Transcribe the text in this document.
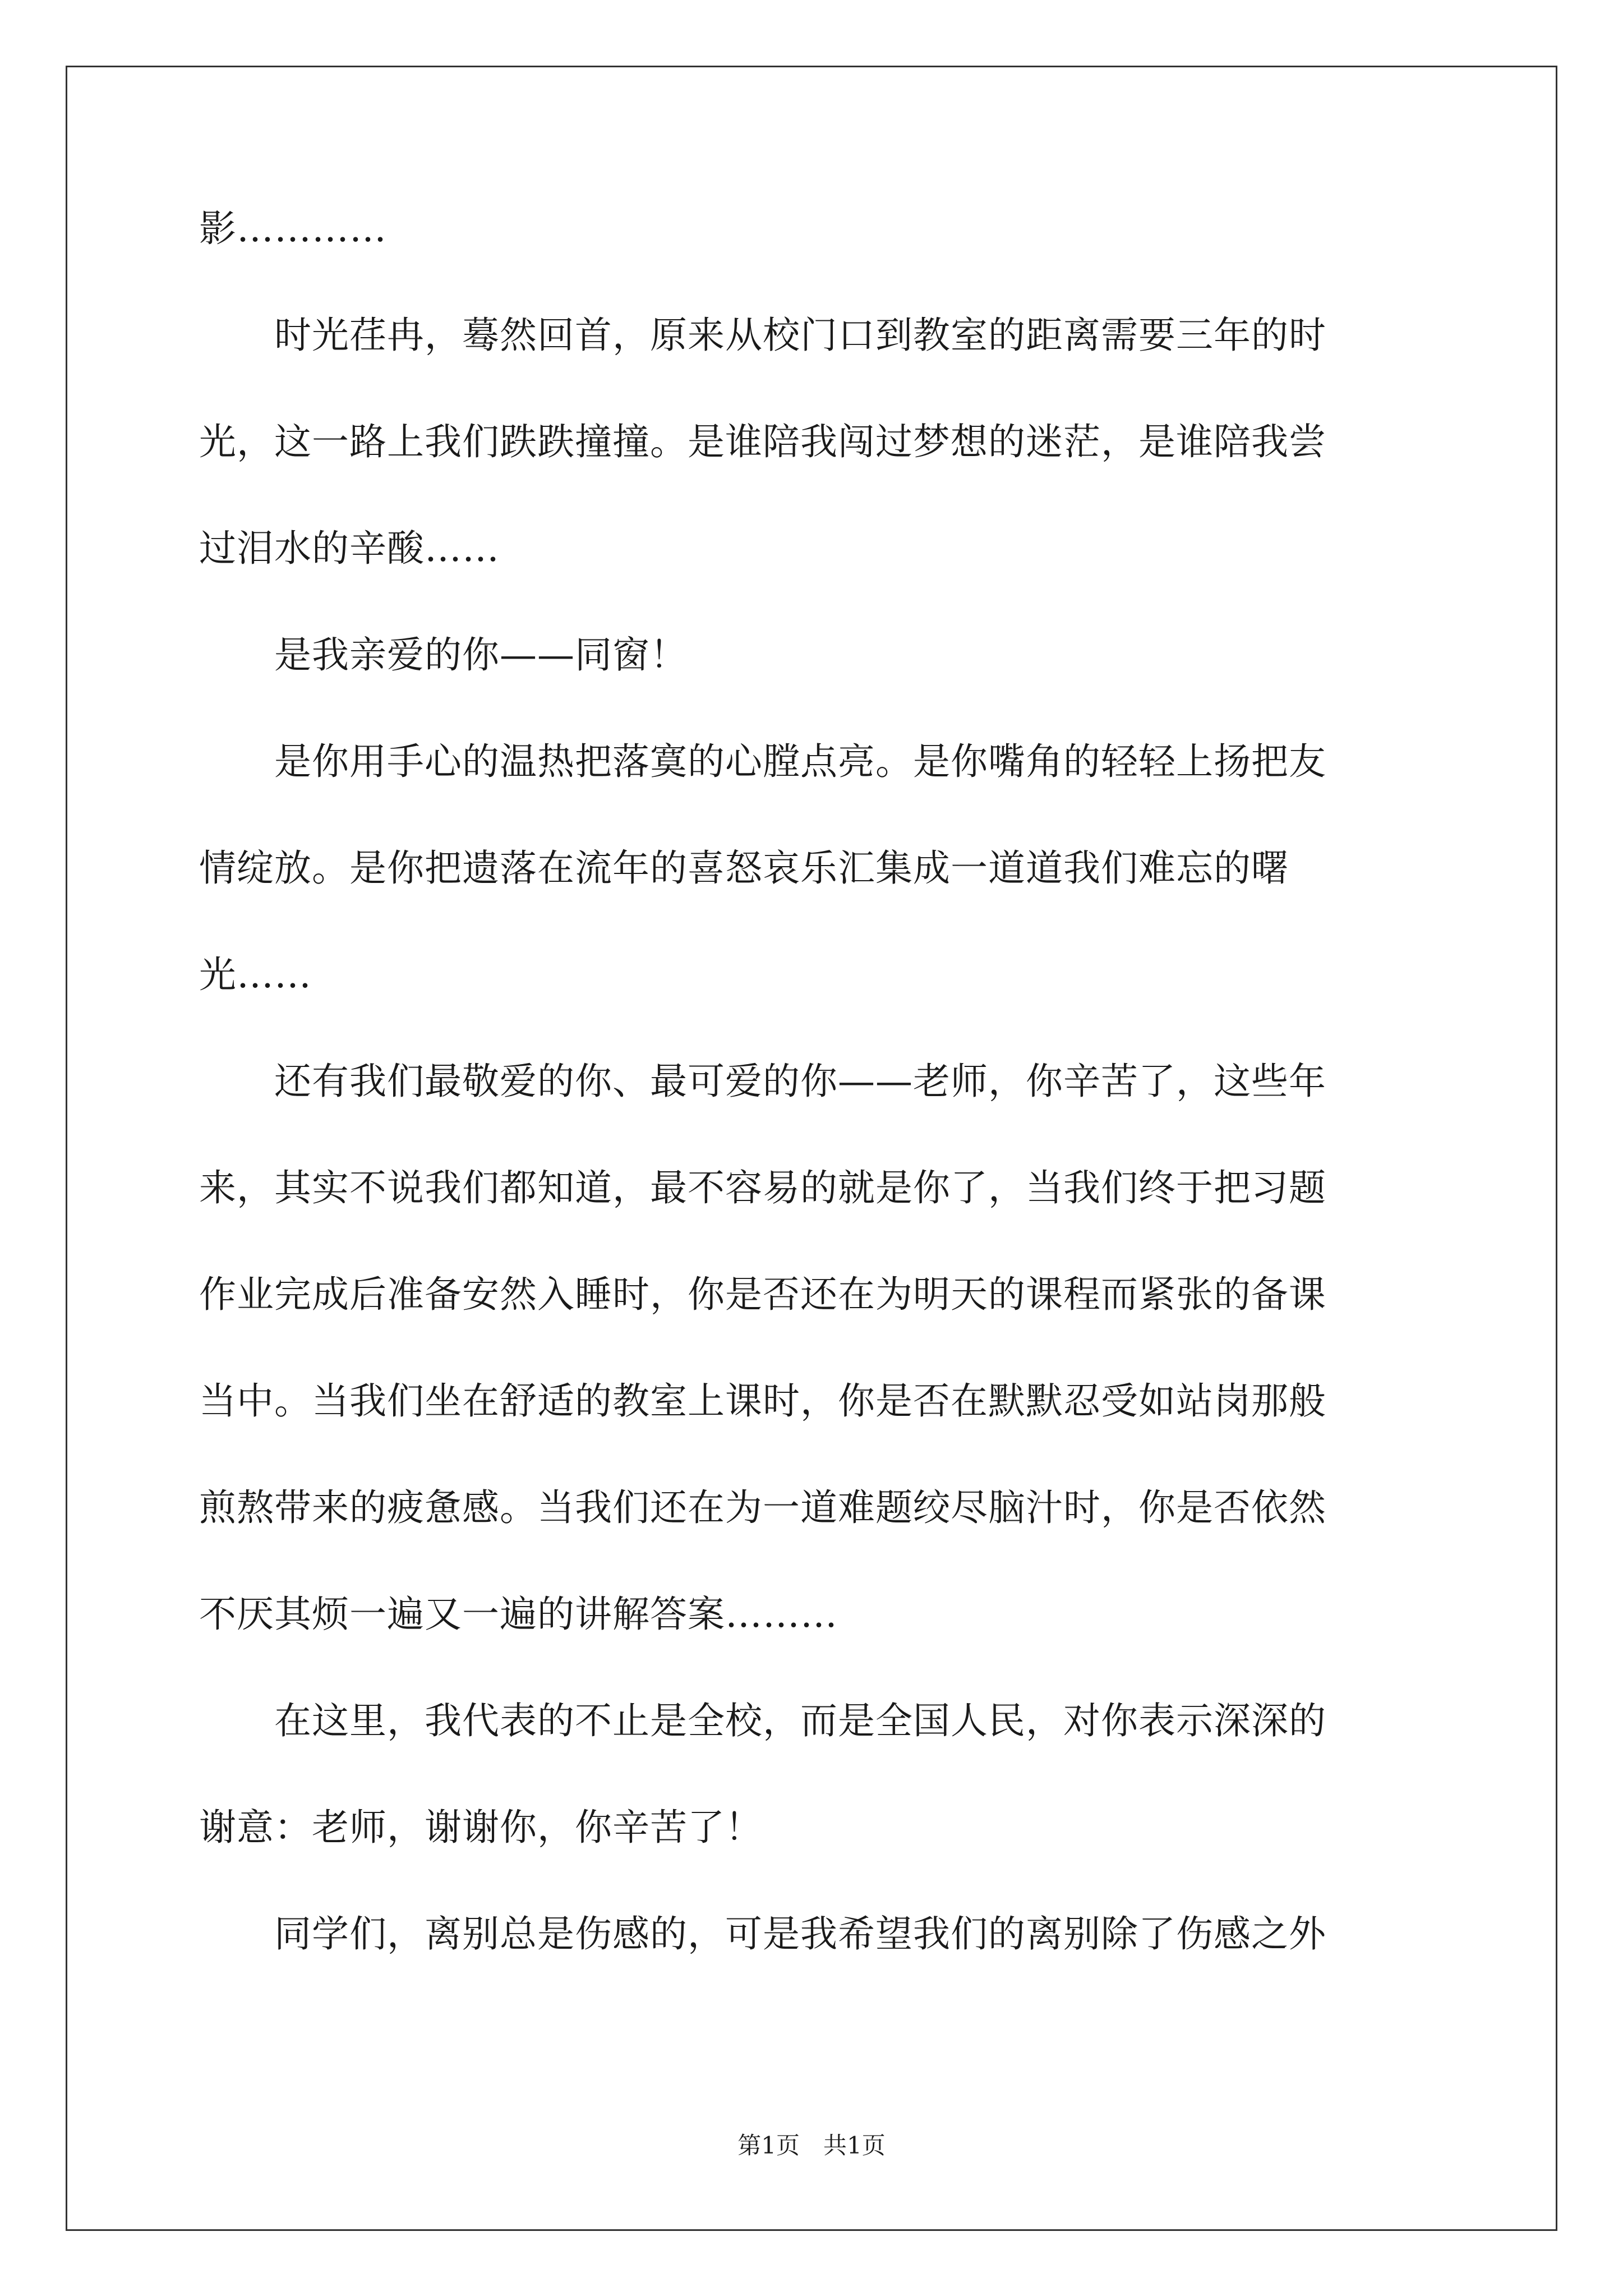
影…………
　　时光荏冉，蓦然回首，原来从校门口到教室的距离需要三年的时
光，这一路上我们跌跌撞撞。是谁陪我闯过梦想的迷茫，是谁陪我尝
过泪水的辛酸……
　　是我亲爱的你——同窗！
　　是你用手心的温热把落寞的心膛点亮。是你嘴角的轻轻上扬把友
情绽放。是你把遗落在流年的喜怒哀乐汇集成一道道我们难忘的曙
光……
　　还有我们最敬爱的你、最可爱的你——老师，你辛苦了，这些年
来，其实不说我们都知道，最不容易的就是你了，当我们终于把习题
作业完成后准备安然入睡时，你是否还在为明天的课程而紧张的备课
当中。当我们坐在舒适的教室上课时，你是否在默默忍受如站岗那般
煎熬带来的疲惫感。当我们还在为一道难题绞尽脑汁时，你是否依然
不厌其烦一遍又一遍的讲解答案………
　　在这里，我代表的不止是全校，而是全国人民，对你表示深深的
谢意：老师，谢谢你，你辛苦了！
　　同学们，离别总是伤感的，可是我希望我们的离别除了伤感之外
第1页　共1页
